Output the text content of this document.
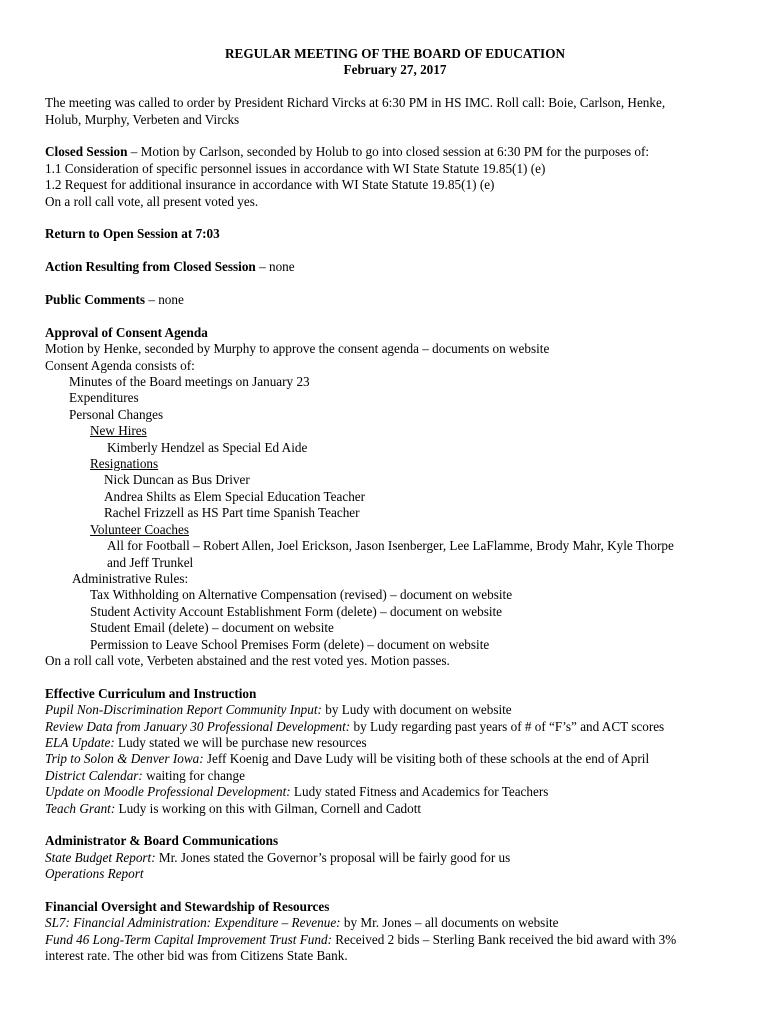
REGULAR MEETING OF THE BOARD OF EDUCATION
February 27, 2017
The meeting was called to order by President Richard Vircks at 6:30 PM in HS IMC. Roll call: Boie, Carlson, Henke,
Holub, Murphy, Verbeten and Vircks
Closed Session – Motion by Carlson, seconded by Holub to go into closed session at 6:30 PM for the purposes of:
1.1 Consideration of specific personnel issues in accordance with WI State Statute 19.85(1) (e)
1.2 Request for additional insurance in accordance with WI State Statute 19.85(1) (e)
On a roll call vote, all present voted yes.
Return to Open Session at 7:03
Action Resulting from Closed Session – none
Public Comments – none
Approval of Consent Agenda
Motion by Henke, seconded by Murphy to approve the consent agenda – documents on website
Consent Agenda consists of:
Minutes of the Board meetings on January 23
Expenditures
Personal Changes
New Hires
Kimberly Hendzel as Special Ed Aide
Resignations
Nick Duncan as Bus Driver
Andrea Shilts as Elem Special Education Teacher
Rachel Frizzell as HS Part time Spanish Teacher
Volunteer Coaches
All for Football – Robert Allen, Joel Erickson, Jason Isenberger, Lee LaFlamme, Brody Mahr, Kyle Thorpe
and Jeff Trunkel
Administrative Rules:
Tax Withholding on Alternative Compensation (revised) – document on website
Student Activity Account Establishment Form (delete) – document on website
Student Email (delete) – document on website
Permission to Leave School Premises Form (delete) – document on website
On a roll call vote, Verbeten abstained and the rest voted yes. Motion passes.
Effective Curriculum and Instruction
Pupil Non-Discrimination Report Community Input: by Ludy with document on website
Review Data from January 30 Professional Development: by Ludy regarding past years of # of “F’s” and ACT scores
ELA Update: Ludy stated we will be purchase new resources
Trip to Solon & Denver Iowa: Jeff Koenig and Dave Ludy will be visiting both of these schools at the end of April
District Calendar: waiting for change
Update on Moodle Professional Development: Ludy stated Fitness and Academics for Teachers
Teach Grant: Ludy is working on this with Gilman, Cornell and Cadott
Administrator & Board Communications
State Budget Report: Mr. Jones stated the Governor’s proposal will be fairly good for us
Operations Report
Financial Oversight and Stewardship of Resources
SL7: Financial Administration: Expenditure – Revenue: by Mr. Jones – all documents on website
Fund 46 Long-Term Capital Improvement Trust Fund: Received 2 bids – Sterling Bank received the bid award with 3%
interest rate. The other bid was from Citizens State Bank.
